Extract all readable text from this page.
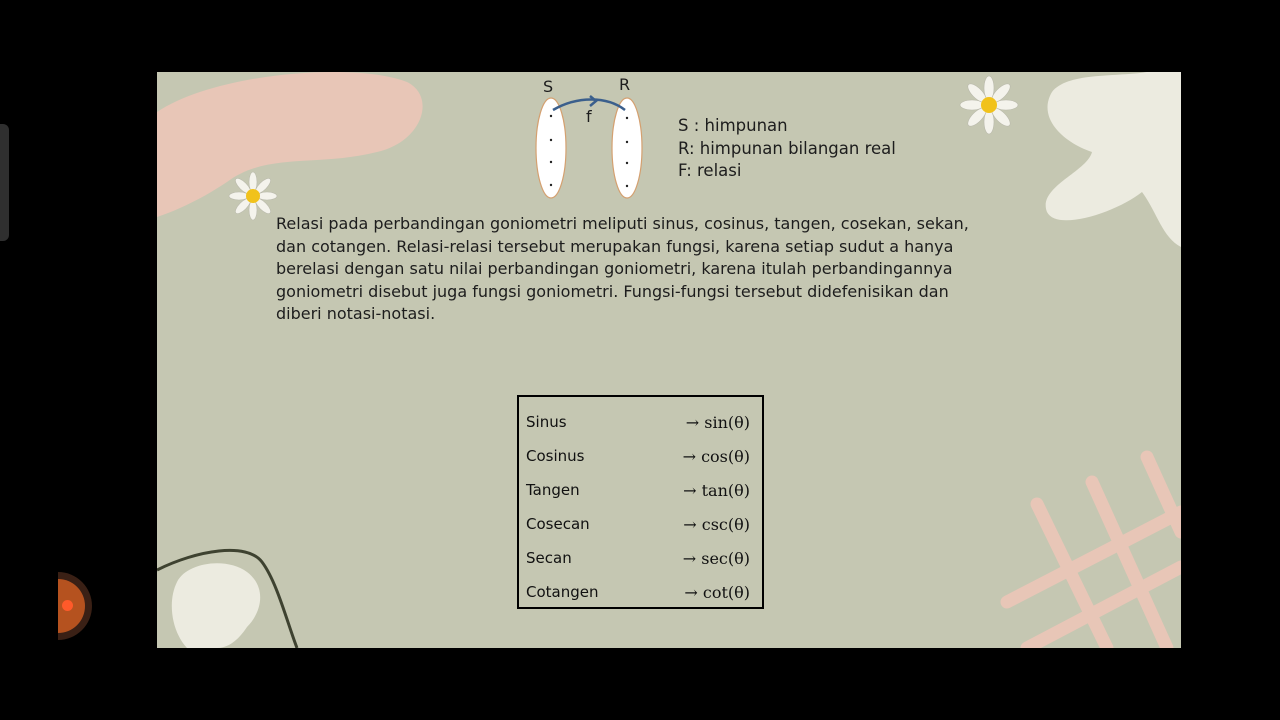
S	R
f	S : himpunan
R: himpunan bilangan real
F: relasi
Relasi pada perbandingan goniometri meliputi sinus, cosinus, tangen, cosekan, sekan,
dan cotangen. Relasi-relasi tersebut merupakan fungsi, karena setiap sudut a hanya
berelasi dengan satu nilai perbandingan goniometri, karena itulah perbandingannya
goniometri disebut juga fungsi goniometri. Fungsi-fungsi tersebut didefenisikan dan
diberi notasi-notasi.
Sinus	→ sin(θ)
Cosinus	→ cos(θ)
Tangen	→ tan(θ)
Cosecan	→ csc(θ)
Secan	→ sec(θ)
Cotangen	→ cot(θ)
